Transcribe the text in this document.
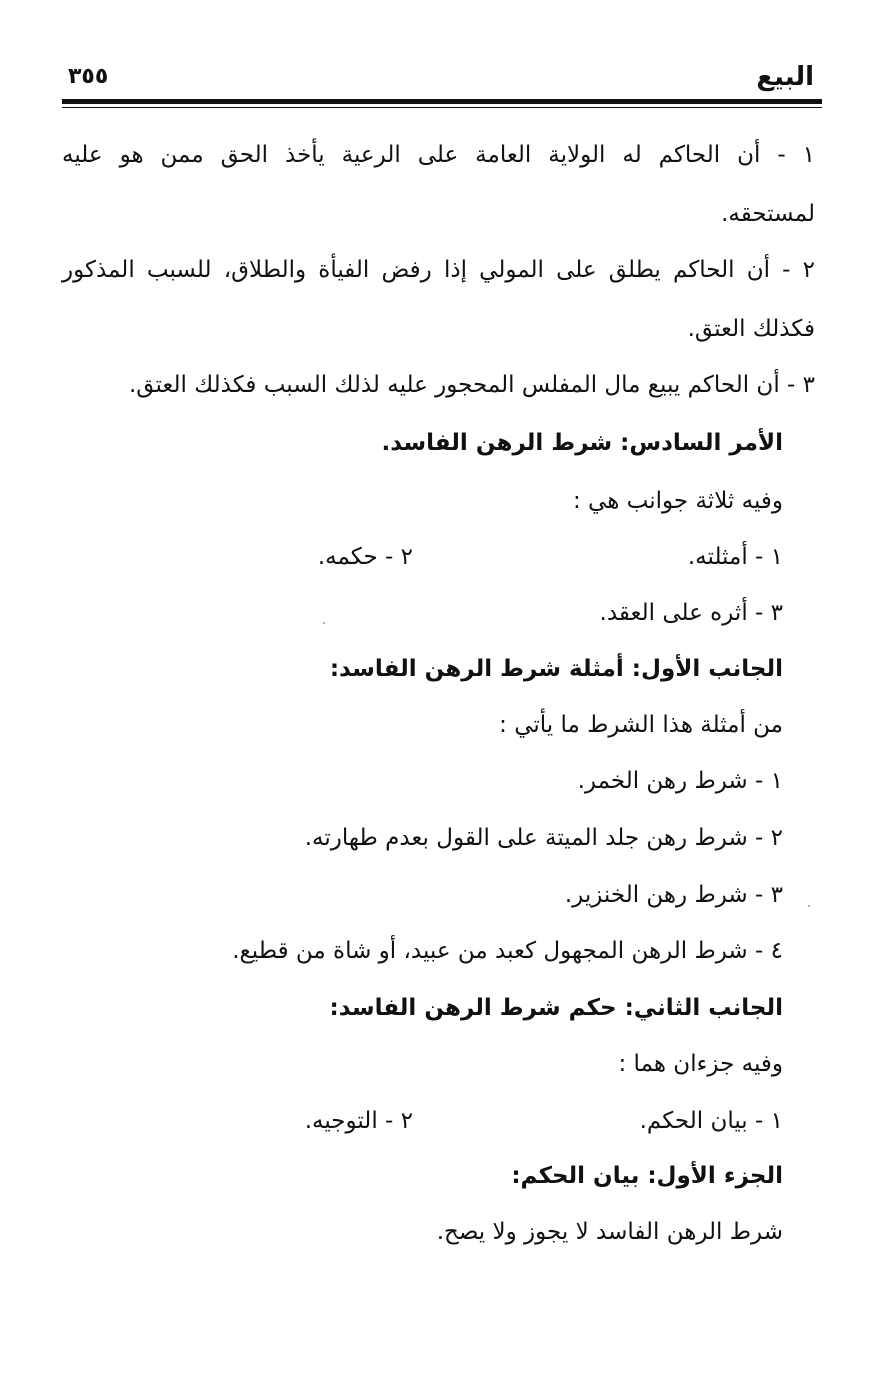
البيع
٣٥٥
١ - أن الحاكم له الولاية العامة على الرعية يأخذ الحق ممن هو عليه
لمستحقه.
٢ - أن الحاكم يطلق على المولي إذا رفض الفيأة والطلاق، للسبب المذكور
فكذلك العتق.
٣ - أن الحاكم يبيع مال المفلس المحجور عليه لذلك السبب فكذلك العتق.
الأمر السادس: شرط الرهن الفاسد.
وفيه ثلاثة جوانب هي :
١ - أمثلته.
٢ - حكمه.
٣ - أثره على العقد.
الجانب الأول: أمثلة شرط الرهن الفاسد:
من أمثلة هذا الشرط ما يأتي :
١ - شرط رهن الخمر.
٢ - شرط رهن جلد الميتة على القول بعدم طهارته.
٣ - شرط رهن الخنزير.
٤ - شرط الرهن المجهول كعبد من عبيد، أو شاة من قطيع.
الجانب الثاني: حكم شرط الرهن الفاسد:
وفيه جزءان هما :
١ - بيان الحكم.
٢ - التوجيه.
الجزء الأول: بيان الحكم:
شرط الرهن الفاسد لا يجوز ولا يصح.
